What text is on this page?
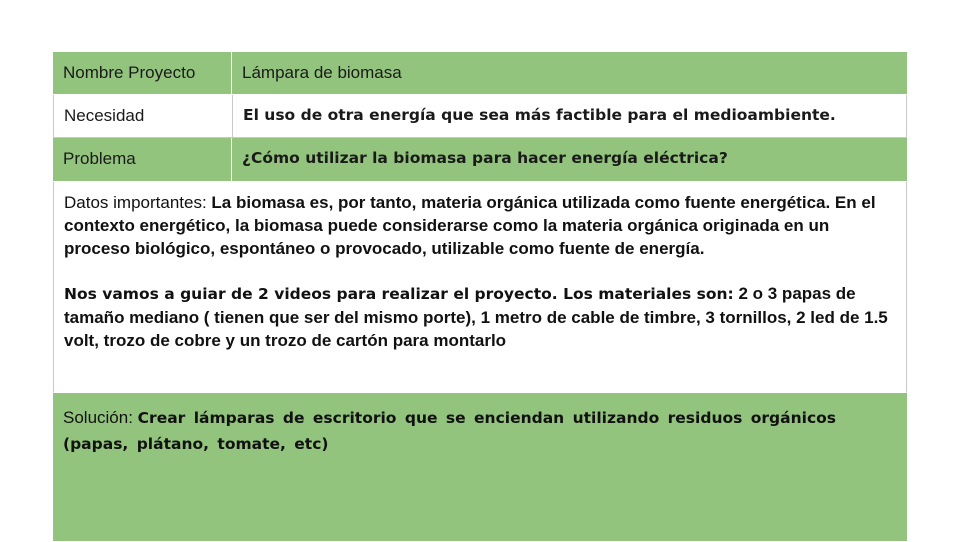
Nombre Proyecto	Lámpara de biomasa
Necesidad	El uso de otra energía que sea más factible para el medioambiente.
Problema	¿Cómo utilizar la biomasa para hacer energía eléctrica?
Datos importantes: La biomasa es, por tanto, materia orgánica utilizada como fuente energética. En el contexto energético, la biomasa puede considerarse como la materia orgánica originada en un proceso biológico, espontáneo o provocado, utilizable como fuente de energía.
Nos vamos a guiar de 2 videos para realizar el proyecto. Los materiales son: 2 o 3 papas de tamaño mediano ( tienen que ser del mismo porte), 1 metro de cable de timbre, 3 tornillos, 2 led de 1.5 volt, trozo de cobre y un trozo de cartón para montarlo
Solución: Crear lámparas de escritorio que se enciendan utilizando residuos orgánicos (papas, plátano, tomate, etc)
